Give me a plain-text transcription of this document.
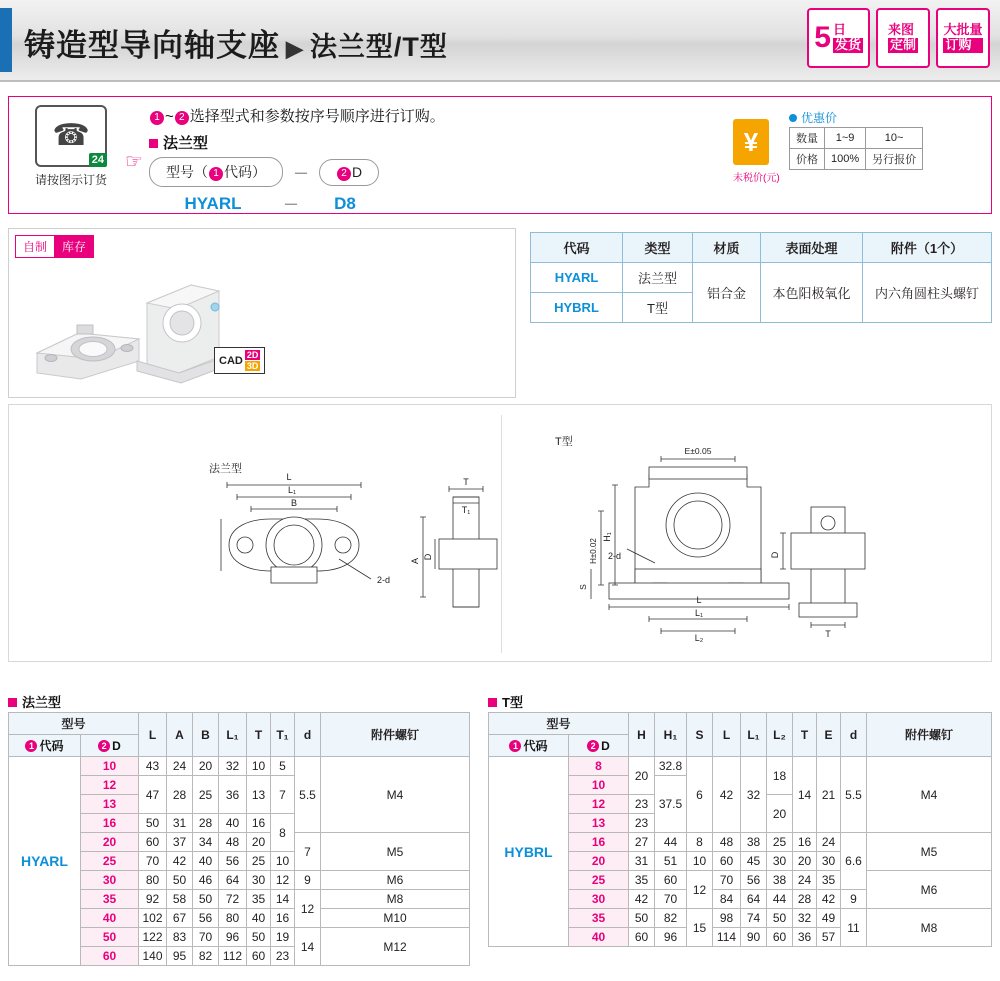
铸造型导向轴支座 ▶ 法兰型/T型	5 日
发货
来图
定制
大批量
订购
☎
24
请按图示订货
☞
1 ~ 2 选择型式和参数按序号顺序进行订购。
法兰型
型号（ 1 代码）	－	2 D
HYARL	－	D8
¥
未税价(元)
优惠价
数量	1~9	10~
价格	100%	另行报价
自制	库存
CAD 2D
3D
代码	类型	材质	表面处理	附件（1个）
HYARL	法兰型	铝合金	本色阳极氧化	内六角圆柱头螺钉
HYBRL	T型			
法兰型
T型
L
L₁
B
2-d
T
T₁
A
D
E±0.05
H₁
H±0.02
S
2-d
L
L₁
L₂
D
T
法兰型
型号		L	A	B	L₁	T	T₁	d	附件螺钉
1 代码	2 D								
HYARL	10	43	24	20	32	10	5	5.5	M4
	12	47	28	25	36	13	7		
	13								
	16	50	31	28	40	16	8		
	20	60	37	34	48	20		7	M5
	25	70	42	40	56	25	10		
	30	80	50	46	64	30	12	9	M6
	35	92	58	50	72	35	14	12	M8
	40	102	67	56	80	40	16		M10
	50	122	83	70	96	50	19	14	M12
	60	140	95	82	112	60	23		
T型
型号		H	H₁	S	L	L₁	L₂	T	E	d	附件螺钉
1 代码	2 D										
HYBRL	8	20	32.8	6	42	32	18	14	21	5.5	M4
	10		37.5								
	12	23					20				
	13	23									
	16	27	44	8	48	38	25	16	24	6.6	M5
	20	31	51	10	60	45	30	20	30		
	25	35	60	12	70	56	38	24	35		M6
	30	42	70		84	64	44	28	42	9	
	35	50	82	15	98	74	50	32	49	11	M8
	40	60	96		114	90	60	36	57		
